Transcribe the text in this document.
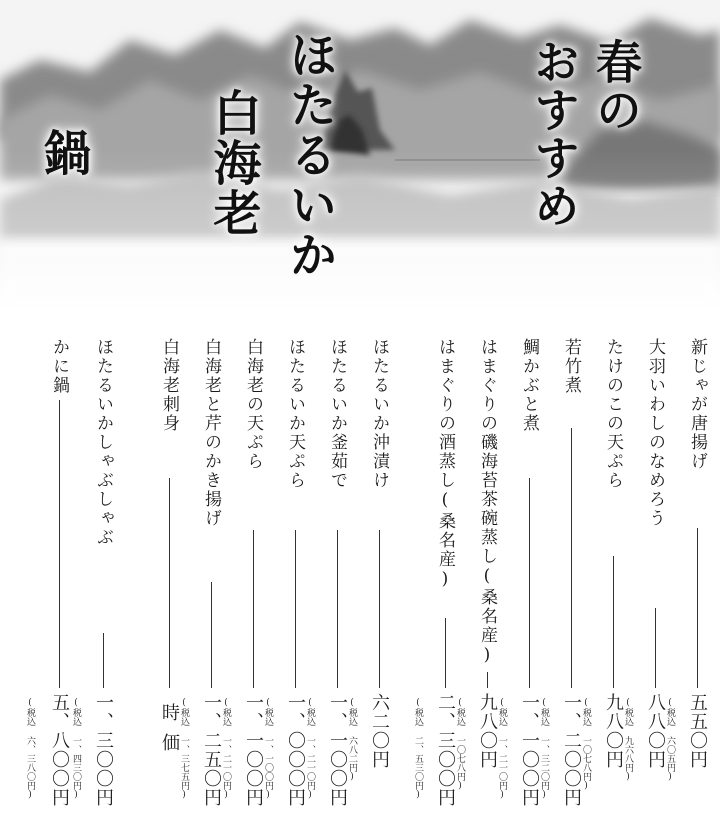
春の
おすすめ
ほたるいか
白海老
鍋
新じゃが唐揚げ
五五〇円
(税込 六〇五円)
大羽いわしのなめろう
八八〇円
(税込 九六八円)
たけのこの天ぷら
九八〇円
(税込 一〇七八円)
若竹煮
一、二〇〇円
(税込 一、三二〇円)
鯛かぶと煮
一、一〇〇円
(税込 一、二一〇円)
はまぐりの磯海苔茶碗蒸し(桑名産)
九八〇円
(税込 一〇七八円)
はまぐりの酒蒸し(桑名産)
二、三〇〇円
(税込 二、五三〇円)
ほたるいか沖漬け
六二〇円
(税込 六八二円)
ほたるいか釜茹で
一、一〇〇円
(税込 一、二一〇円)
ほたるいか天ぷら
一、〇〇〇円
(税込 一、一〇〇円)
白海老の天ぷら
一、一〇〇円
(税込 一、二一〇円)
白海老と芹のかき揚げ
一、二五〇円
(税込 一、三七五円)
白海老刺身
時価
ほたるいかしゃぶしゃぶ
一、三〇〇円
(税込 一、四三〇円)
かに鍋
五、八〇〇円
(税込 六、三八〇円)
